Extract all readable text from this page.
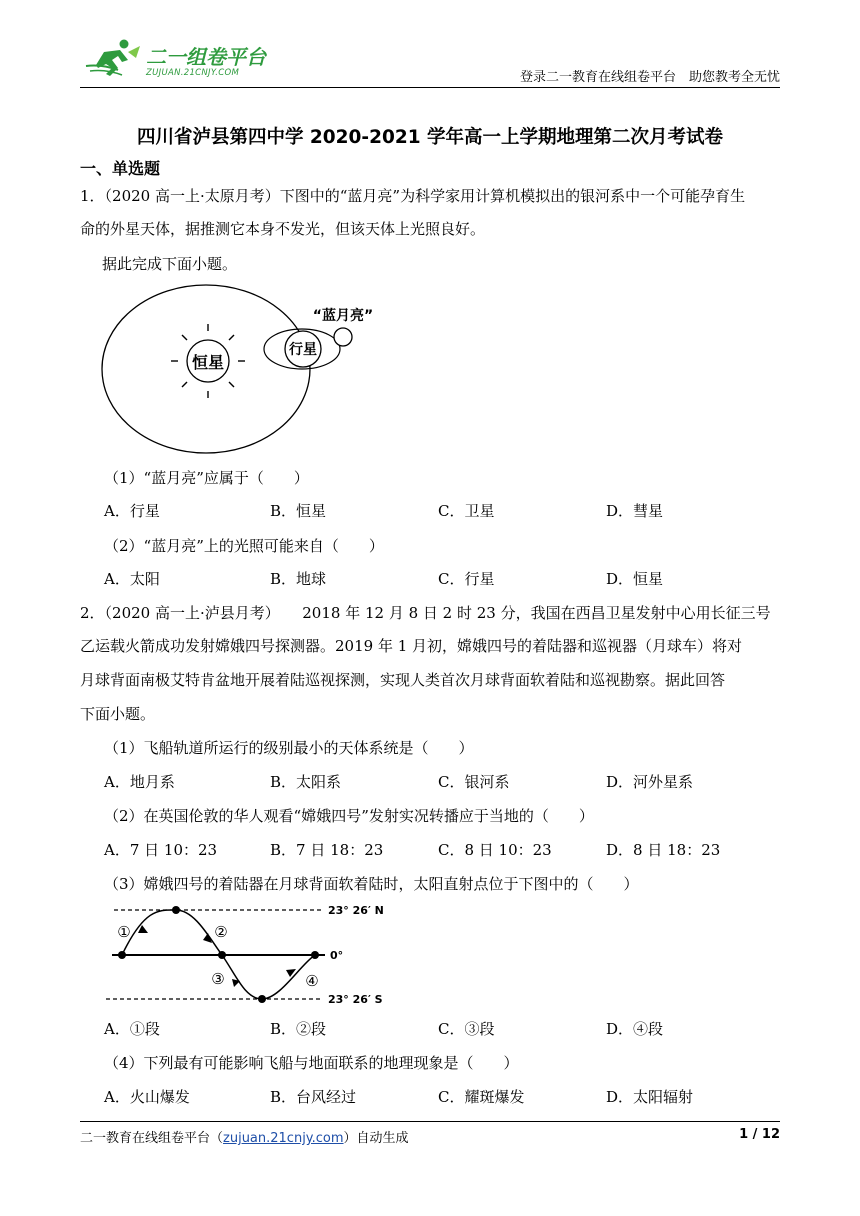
二一组卷平台
ZUJUAN.21CNJY.COM	登录二一教育在线组卷平台　助您教考全无忧
四川省泸县第四中学 2020-2021 学年高一上学期地理第二次月考试卷
一、单选题
1．（2020 高一上·太原月考）下图中的“蓝月亮”为科学家用计算机模拟出的银河系中一个可能孕育生
命的外星天体，据推测它本身不发光，但该天体上光照良好。
据此完成下面小题。
恒星
行星
“蓝月亮”
（1）“蓝月亮”应属于（　　）
A．行星	B．恒星	C．卫星	D．彗星
（2）“蓝月亮”上的光照可能来自（　　）
A．太阳	B．地球	C．行星	D．恒星
2．（2020 高一上·泸县月考）　　2018 年 12 月 8 日 2 时 23 分，我国在西昌卫星发射中心用长征三号
乙运载火箭成功发射嫦娥四号探测器。2019 年 1 月初，嫦娥四号的着陆器和巡视器（月球车）将对
月球背面南极艾特肯盆地开展着陆巡视探测，实现人类首次月球背面软着陆和巡视勘察。据此回答
下面小题。
（1）飞船轨道所运行的级别最小的天体系统是（　　）
A．地月系	B．太阳系	C．银河系	D．河外星系
（2）在英国伦敦的华人观看“嫦娥四号”发射实况转播应于当地的（　　）
A．7 日 10：23	B．7 日 18：23	C．8 日 10：23	D．8 日 18：23
（3）嫦娥四号的着陆器在月球背面软着陆时，太阳直射点位于下图中的（　　）
23° 26′ N
0°
23° 26′ S
①	②
③	④
A．①段	B．②段	C．③段	D．④段
（4）下列最有可能影响飞船与地面联系的地理现象是（　　）
A．火山爆发	B．台风经过	C．耀斑爆发	D．太阳辐射
二一教育在线组卷平台（zujuan.21cnjy.com）自动生成	1 / 12
